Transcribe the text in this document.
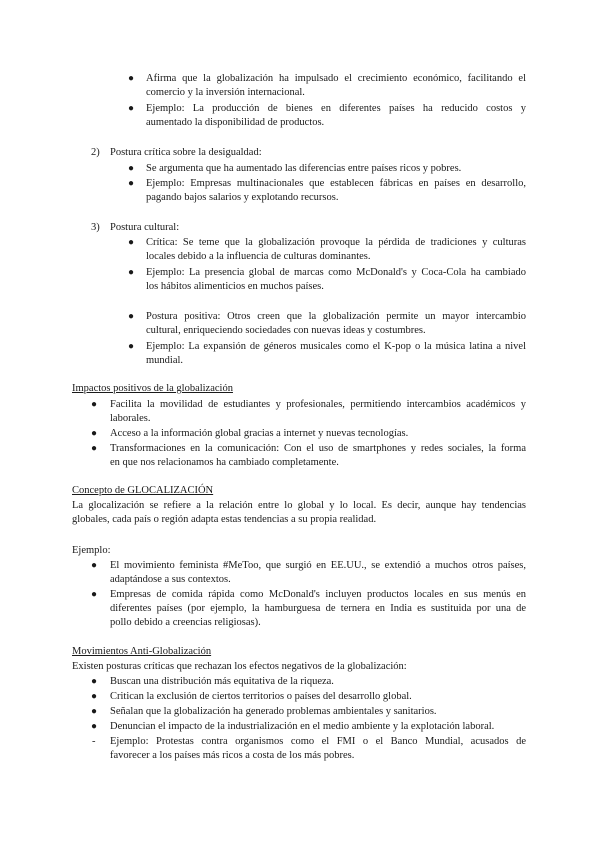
● Afirma que la globalización ha impulsado el crecimiento económico, facilitando el
comercio y la inversión internacional.
● Ejemplo: La producción de bienes en diferentes países ha reducido costos y
aumentado la disponibilidad de productos.
2) Postura crítica sobre la desigualdad:
● Se argumenta que ha aumentado las diferencias entre países ricos y pobres.
● Ejemplo: Empresas multinacionales que establecen fábricas en países en desarrollo,
pagando bajos salarios y explotando recursos.
3) Postura cultural:
● Crítica: Se teme que la globalización provoque la pérdida de tradiciones y culturas
locales debido a la influencia de culturas dominantes.
● Ejemplo: La presencia global de marcas como McDonald's y Coca-Cola ha cambiado
los hábitos alimenticios en muchos países.
● Postura positiva: Otros creen que la globalización permite un mayor intercambio
cultural, enriqueciendo sociedades con nuevas ideas y costumbres.
● Ejemplo: La expansión de géneros musicales como el K-pop o la música latina a nivel
mundial.
Impactos positivos de la globalización
● Facilita la movilidad de estudiantes y profesionales, permitiendo intercambios académicos y
laborales.
● Acceso a la información global gracias a internet y nuevas tecnologías.
● Transformaciones en la comunicación: Con el uso de smartphones y redes sociales, la forma
en que nos relacionamos ha cambiado completamente.
Concepto de GLOCALIZACIÓN
La glocalización se refiere a la relación entre lo global y lo local. Es decir, aunque hay tendencias
globales, cada país o región adapta estas tendencias a su propia realidad.
Ejemplo:
● El movimiento feminista #MeToo, que surgió en EE.UU., se extendió a muchos otros países,
adaptándose a sus contextos.
● Empresas de comida rápida como McDonald's incluyen productos locales en sus menús en
diferentes países (por ejemplo, la hamburguesa de ternera en India es sustituida por una de
pollo debido a creencias religiosas).
Movimientos Anti-Globalización
Existen posturas críticas que rechazan los efectos negativos de la globalización:
● Buscan una distribución más equitativa de la riqueza.
● Critican la exclusión de ciertos territorios o países del desarrollo global.
● Señalan que la globalización ha generado problemas ambientales y sanitarios.
● Denuncian el impacto de la industrialización en el medio ambiente y la explotación laboral.
- Ejemplo: Protestas contra organismos como el FMI o el Banco Mundial, acusados de
favorecer a los países más ricos a costa de los más pobres.
